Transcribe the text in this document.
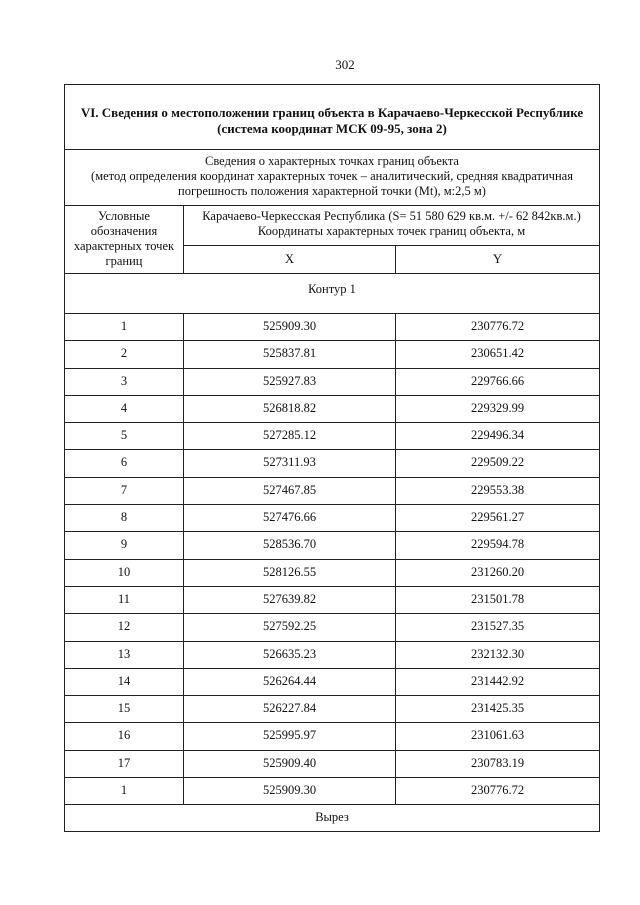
302
VI. Сведения о местоположении границ объекта в Карачаево-Черкесской Республике
(система координат МСК 09-95, зона 2)		

Сведения о характерных точках границ объекта
(метод определения координат характерных точек – аналитический, средняя квадратичная
погрешность положения характерной точки (Mt), м:2,5 м)		

Условные обозначения характерных точек границ	Карачаево-Черкесская Республика (S= 51 580 629 кв.м. +/- 62 842кв.м.)
Координаты характерных точек границ объекта, м	

	X	Y
Контур 1		
1	525909.30	230776.72
2	525837.81	230651.42
3	525927.83	229766.66
4	526818.82	229329.99
5	527285.12	229496.34
6	527311.93	229509.22
7	527467.85	229553.38
8	527476.66	229561.27
9	528536.70	229594.78
10	528126.55	231260.20
11	527639.82	231501.78
12	527592.25	231527.35
13	526635.23	232132.30
14	526264.44	231442.92
15	526227.84	231425.35
16	525995.97	231061.63
17	525909.40	230783.19
1	525909.30	230776.72
Вырез		
